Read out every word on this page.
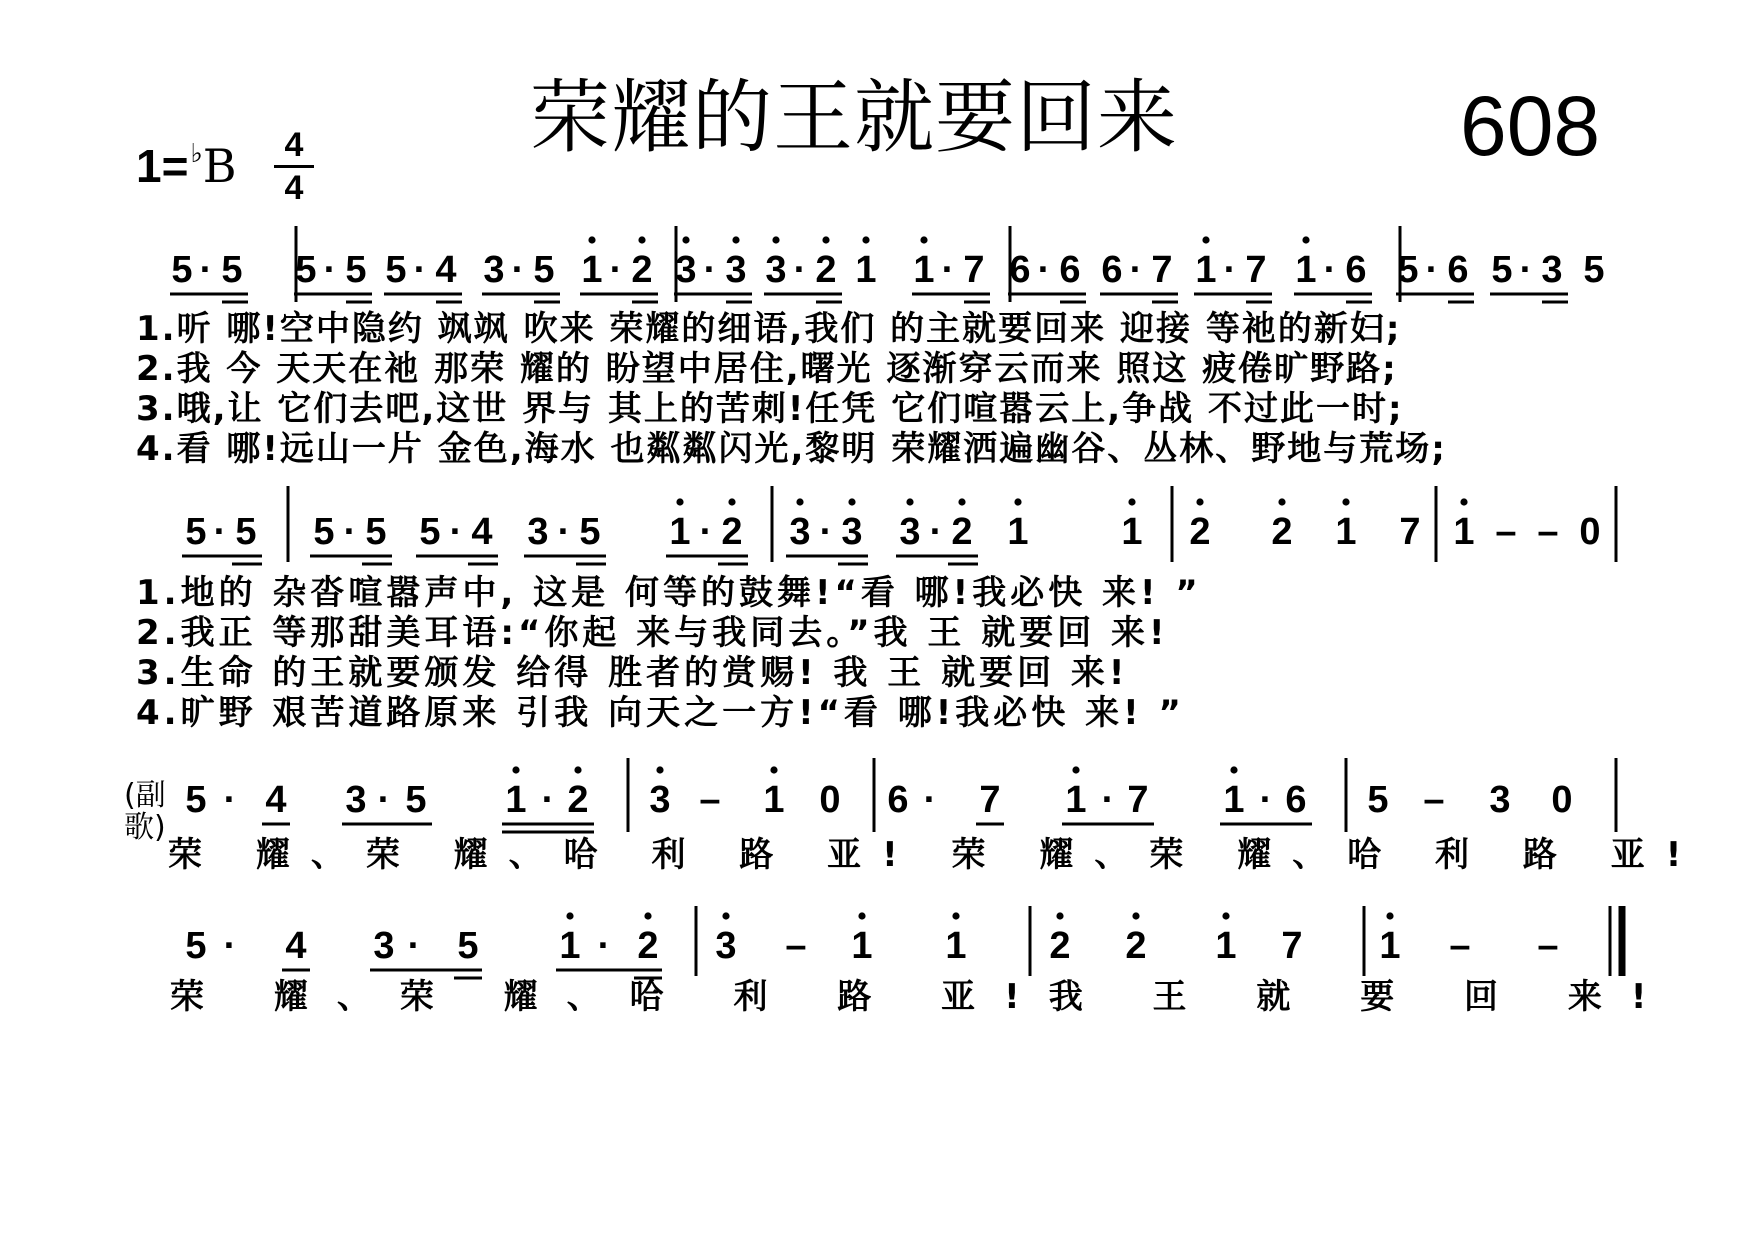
荣耀的王就要回来	608
1=♭B	4
4
5 · 5 5 · 5 5 · 4 3 · 5 1 · 2 3 · 3 3 · 2 1 1 · 7 6 · 6 6 · 7 1 · 7 1 · 6 5 · 6 5 · 3 5
5 · 5 5 · 5 5 · 4 3 · 5 1 · 2 3 · 3 3 · 2 1 1 2 2 1 7 1 – – 0
5 · 4 3 · 5 1 · 2 3 – 1 0 6 · 7 1 · 7 1 · 6 5 – 3 0
5 · 4 3 · 5 1 · 2 3 – 1 1 2 2 1 7 1 – –
1.听 哪!空中隐约 飒飒 吹来 荣耀的细语,我们 的主就要回来 迎接 等祂的新妇;
2.我 今 天天在祂 那荣 耀的 盼望中居住,曙光 逐渐穿云而来 照这 疲倦旷野路;
3.哦,让 它们去吧,这世 界与 其上的苦刺!任凭 它们喧嚣云上,争战 不过此一时;
4.看 哪!远山一片 金色,海水 也粼粼闪光,黎明 荣耀洒遍幽谷、丛林、野地与荒场;
1.地的 杂沓喧嚣声中, 这是 何等的鼓舞!“看 哪!我必快 来! ”
2.我正 等那甜美耳语:“你起 来与我同去。”我 王 就要回 来!
3.生命 的王就要颁发 给得 胜者的赏赐! 我 王 就要回 来!
4.旷野 艰苦道路原来 引我 向天之一方!“看 哪!我必快 来! ”
(副
歌)
荣 耀、荣 耀、哈 利 路 亚! 荣 耀、荣 耀、哈 利 路 亚!
荣 耀、荣 耀、哈 利 路 亚!我 王 就 要 回 来!
